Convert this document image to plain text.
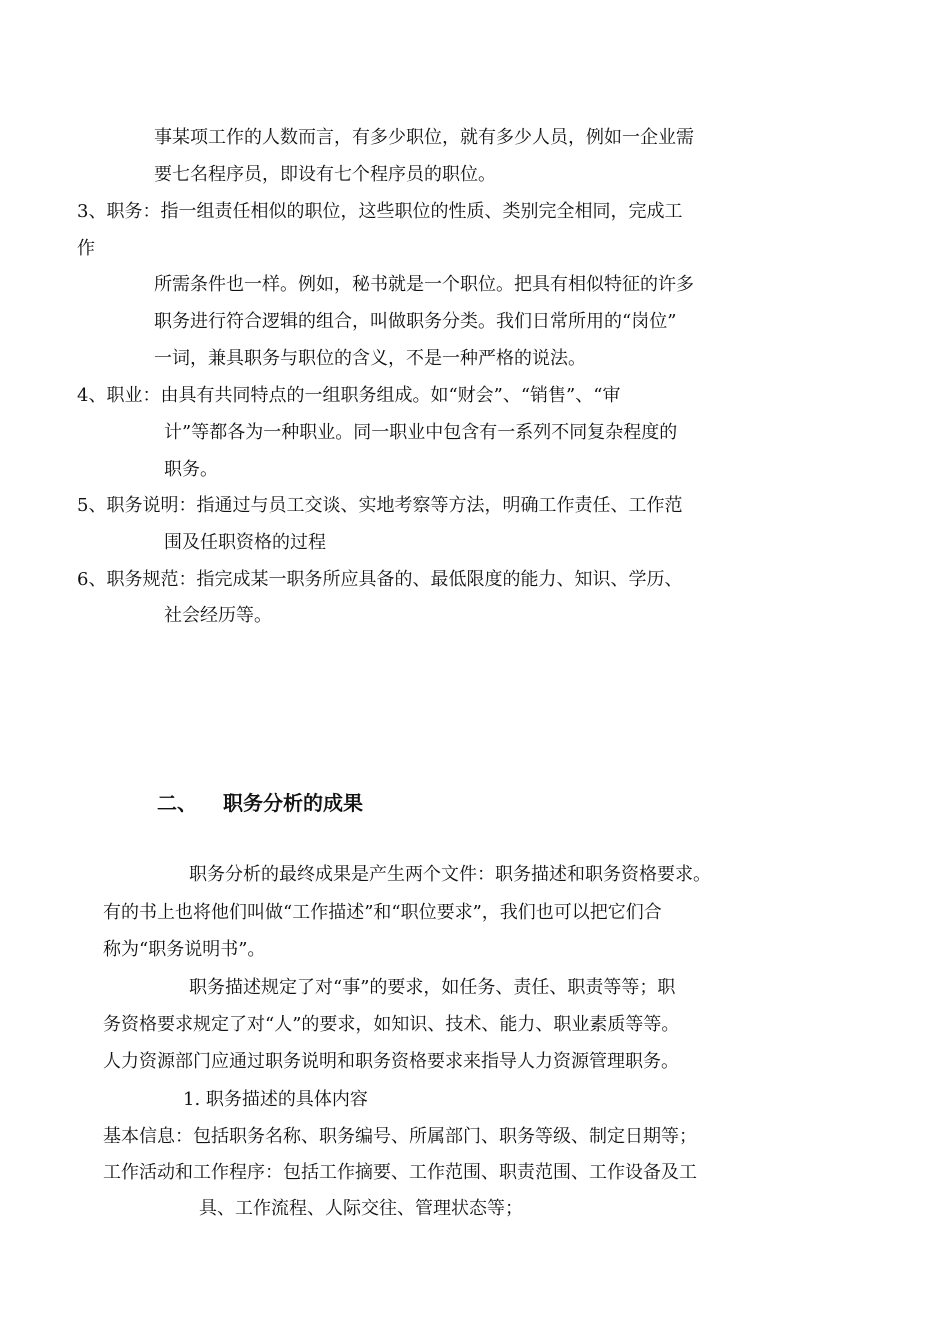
事某项工作的人数而言，有多少职位，就有多少人员，例如一企业需
要七名程序员，即设有七个程序员的职位。
3、职务：指一组责任相似的职位，这些职位的性质、类别完全相同，完成工
作
所需条件也一样。例如，秘书就是一个职位。把具有相似特征的许多
职务进行符合逻辑的组合，叫做职务分类。我们日常所用的“岗位”
一词，兼具职务与职位的含义，不是一种严格的说法。
4、职业：由具有共同特点的一组职务组成。如“财会”、“销售”、“审
计”等都各为一种职业。同一职业中包含有一系列不同复杂程度的
职务。
5、职务说明：指通过与员工交谈、实地考察等方法，明确工作责任、工作范
围及任职资格的过程
6、职务规范：指完成某一职务所应具备的、最低限度的能力、知识、学历、
社会经历等。
二、 职务分析的成果
职务分析的最终成果是产生两个文件：职务描述和职务资格要求。
有的书上也将他们叫做“工作描述”和“职位要求”，我们也可以把它们合
称为“职务说明书”。
职务描述规定了对“事”的要求，如任务、责任、职责等等；职
务资格要求规定了对“人”的要求，如知识、技术、能力、职业素质等等。
人力资源部门应通过职务说明和职务资格要求来指导人力资源管理职务。
1. 职务描述的具体内容
基本信息：包括职务名称、职务编号、所属部门、职务等级、制定日期等；
工作活动和工作程序：包括工作摘要、工作范围、职责范围、工作设备及工
具、工作流程、人际交往、管理状态等；
